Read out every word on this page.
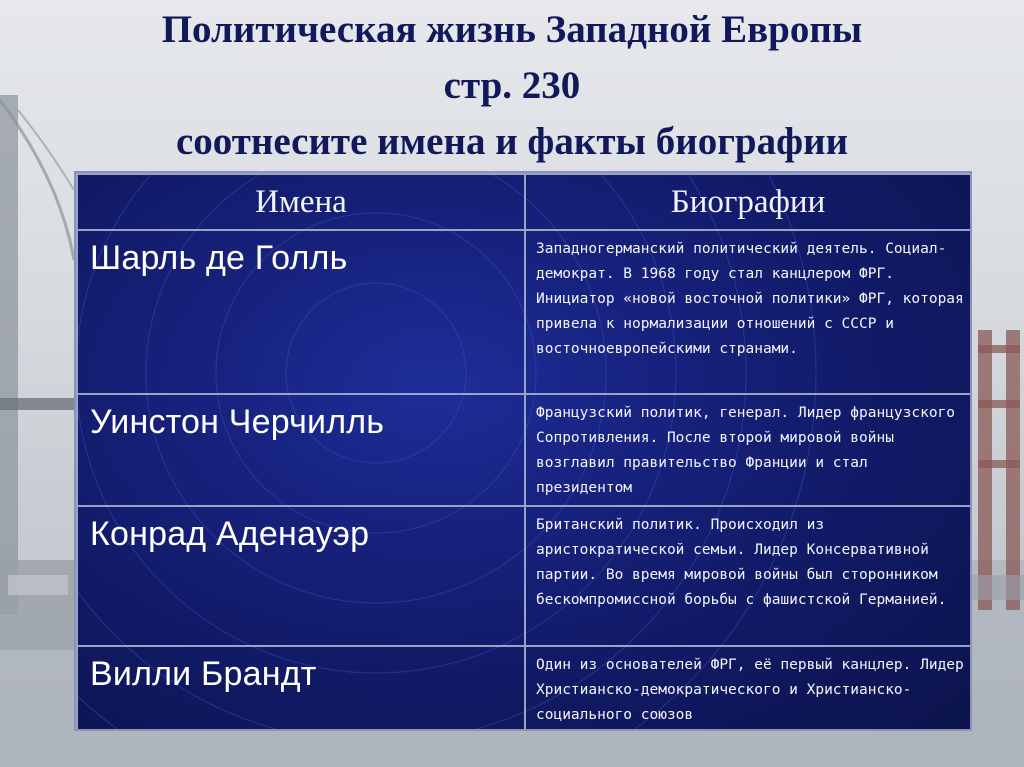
Политическая жизнь Западной Европы
стр. 230
соотнесите имена и факты биографии
Имена	Биографии
Шарль де Голль	Западногерманский политический деятель. Социал-демократ. В 1968 году стал канцлером ФРГ. Инициатор «новой восточной политики» ФРГ, которая привела к нормализации отношений с СССР и восточноевропейскими странами.
Уинстон Черчилль	Французский политик, генерал. Лидер французского Сопротивления. После второй мировой войны возглавил правительство Франции и стал президентом
Конрад Аденауэр	Британский политик. Происходил из аристократической семьи. Лидер Консервативной партии. Во время мировой войны был сторонником бескомпромиссной борьбы с фашистской Германией.
Вилли Брандт	Один из основателей ФРГ, её первый канцлер. Лидер Христианско-демократического и Христианско-социального союзов
